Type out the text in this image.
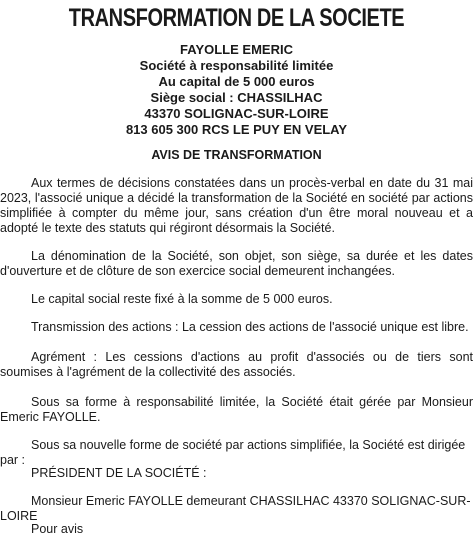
TRANSFORMATION DE LA SOCIETE
FAYOLLE EMERIC
Société à responsabilité limitée
Au capital de 5 000 euros
Siège social : CHASSILHAC
43370 SOLIGNAC-SUR-LOIRE
813 605 300 RCS LE PUY EN VELAY
AVIS DE TRANSFORMATION

Aux termes de décisions constatées dans un procès-verbal en date du 31 mai 2023, l'associé unique a décidé la transformation de la Société en société par actions simplifiée à compter du même jour, sans création d'un être moral nouveau et a adopté le texte des statuts qui régiront désormais la Société.

La dénomination de la Société, son objet, son siège, sa durée et les dates d'ouverture et de clôture de son exercice social demeurent inchangées.

Le capital social reste fixé à la somme de 5 000 euros.

Transmission des actions : La cession des actions de l'associé unique est libre.

Agrément : Les cessions d'actions au profit d'associés ou de tiers sont soumises à l'agrément de la collectivité des associés.

Sous sa forme à responsabilité limitée, la Société était gérée par Monsieur Emeric FAYOLLE.

Sous sa nouvelle forme de société par actions simplifiée, la Société est dirigée par :

PRÉSIDENT DE LA SOCIÉTÉ :

Monsieur Emeric FAYOLLE demeurant CHASSILHAC 43370 SOLIGNAC-SUR-LOIRE

Pour avis
